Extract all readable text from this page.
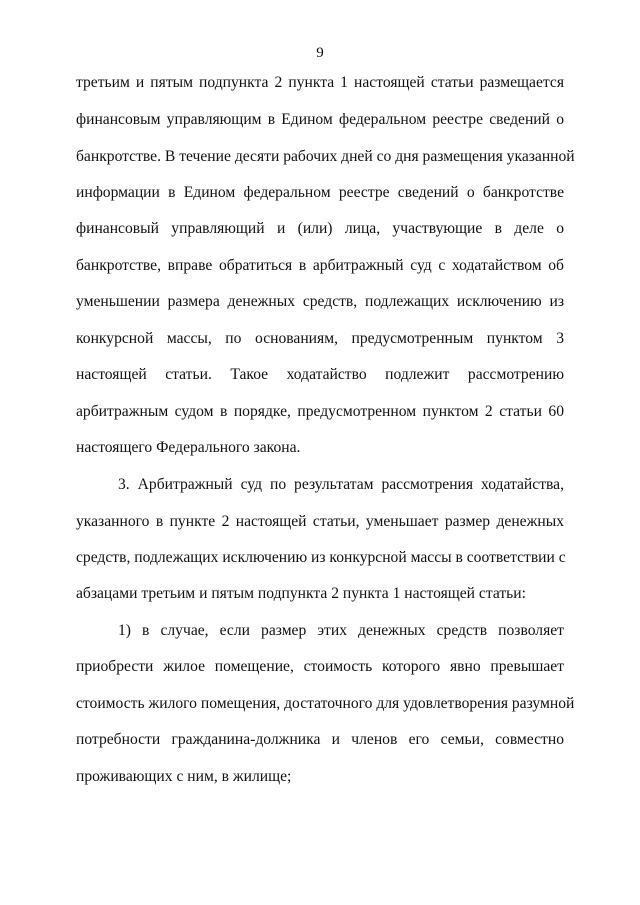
9
третьим и пятым подпункта 2 пункта 1 настоящей статьи размещается
финансовым управляющим в Едином федеральном реестре сведений о
банкротстве. В течение десяти рабочих дней со дня размещения указанной
информации в Едином федеральном реестре сведений о банкротстве
финансовый управляющий и (или) лица, участвующие в деле о
банкротстве, вправе обратиться в арбитражный суд с ходатайством об
уменьшении размера денежных средств, подлежащих исключению из
конкурсной массы, по основаниям, предусмотренным пунктом 3
настоящей статьи. Такое ходатайство подлежит рассмотрению
арбитражным судом в порядке, предусмотренном пунктом 2 статьи 60
настоящего Федерального закона.
3. Арбитражный суд по результатам рассмотрения ходатайства,
указанного в пункте 2 настоящей статьи, уменьшает размер денежных
средств, подлежащих исключению из конкурсной массы в соответствии с
абзацами третьим и пятым подпункта 2 пункта 1 настоящей статьи:
1) в случае, если размер этих денежных средств позволяет
приобрести жилое помещение, стоимость которого явно превышает
стоимость жилого помещения, достаточного для удовлетворения разумной
потребности гражданина-должника и членов его семьи, совместно
проживающих с ним, в жилище;
